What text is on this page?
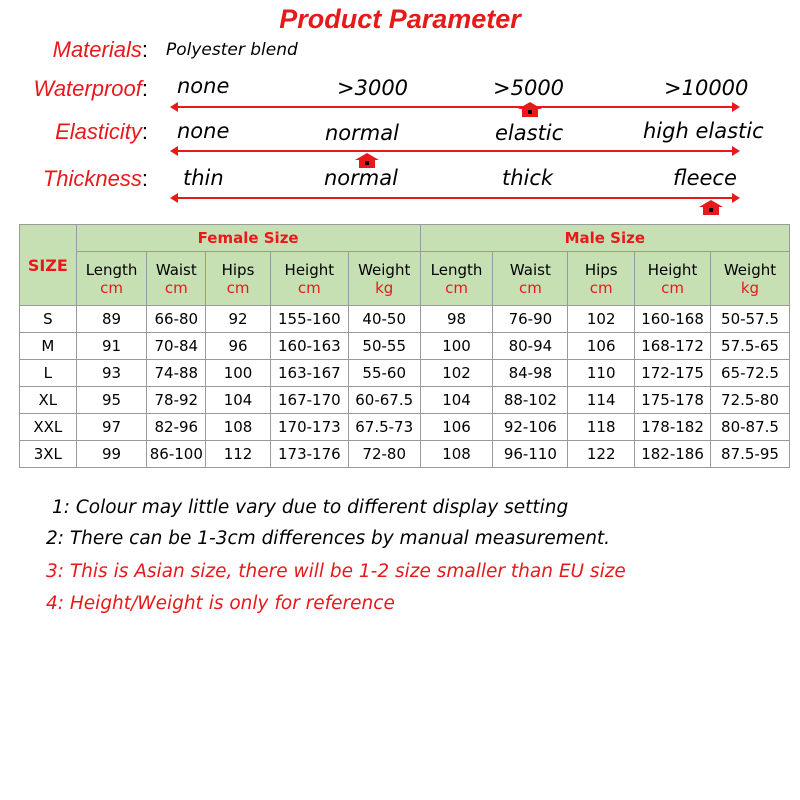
Product Parameter
Materials: Polyester blend
Waterproof: none	>3000	>5000	>10000
Elasticity: none	normal	elastic	high elastic
Thickness: thin	normal	thick	fleece
SIZE	Female Size					Male Size				
	Length	Waist	Hips	Height	Weight	Length	Waist	Hips	Height	Weight
	cm	cm	cm	cm	kg	cm	cm	cm	cm	kg
S	89	66-80	92	155-160	40-50	98	76-90	102	160-168	50-57.5
M	91	70-84	96	160-163	50-55	100	80-94	106	168-172	57.5-65
L	93	74-88	100	163-167	55-60	102	84-98	110	172-175	65-72.5
XL	95	78-92	104	167-170	60-67.5	104	88-102	114	175-178	72.5-80
XXL	97	82-96	108	170-173	67.5-73	106	92-106	118	178-182	80-87.5
3XL	99	86-100	112	173-176	72-80	108	96-110	122	182-186	87.5-95
1: Colour may little vary due to different display setting
2: There can be 1-3cm differences by manual measurement.
3: This is Asian size, there will be 1-2 size smaller than EU size
4: Height/Weight is only for reference
